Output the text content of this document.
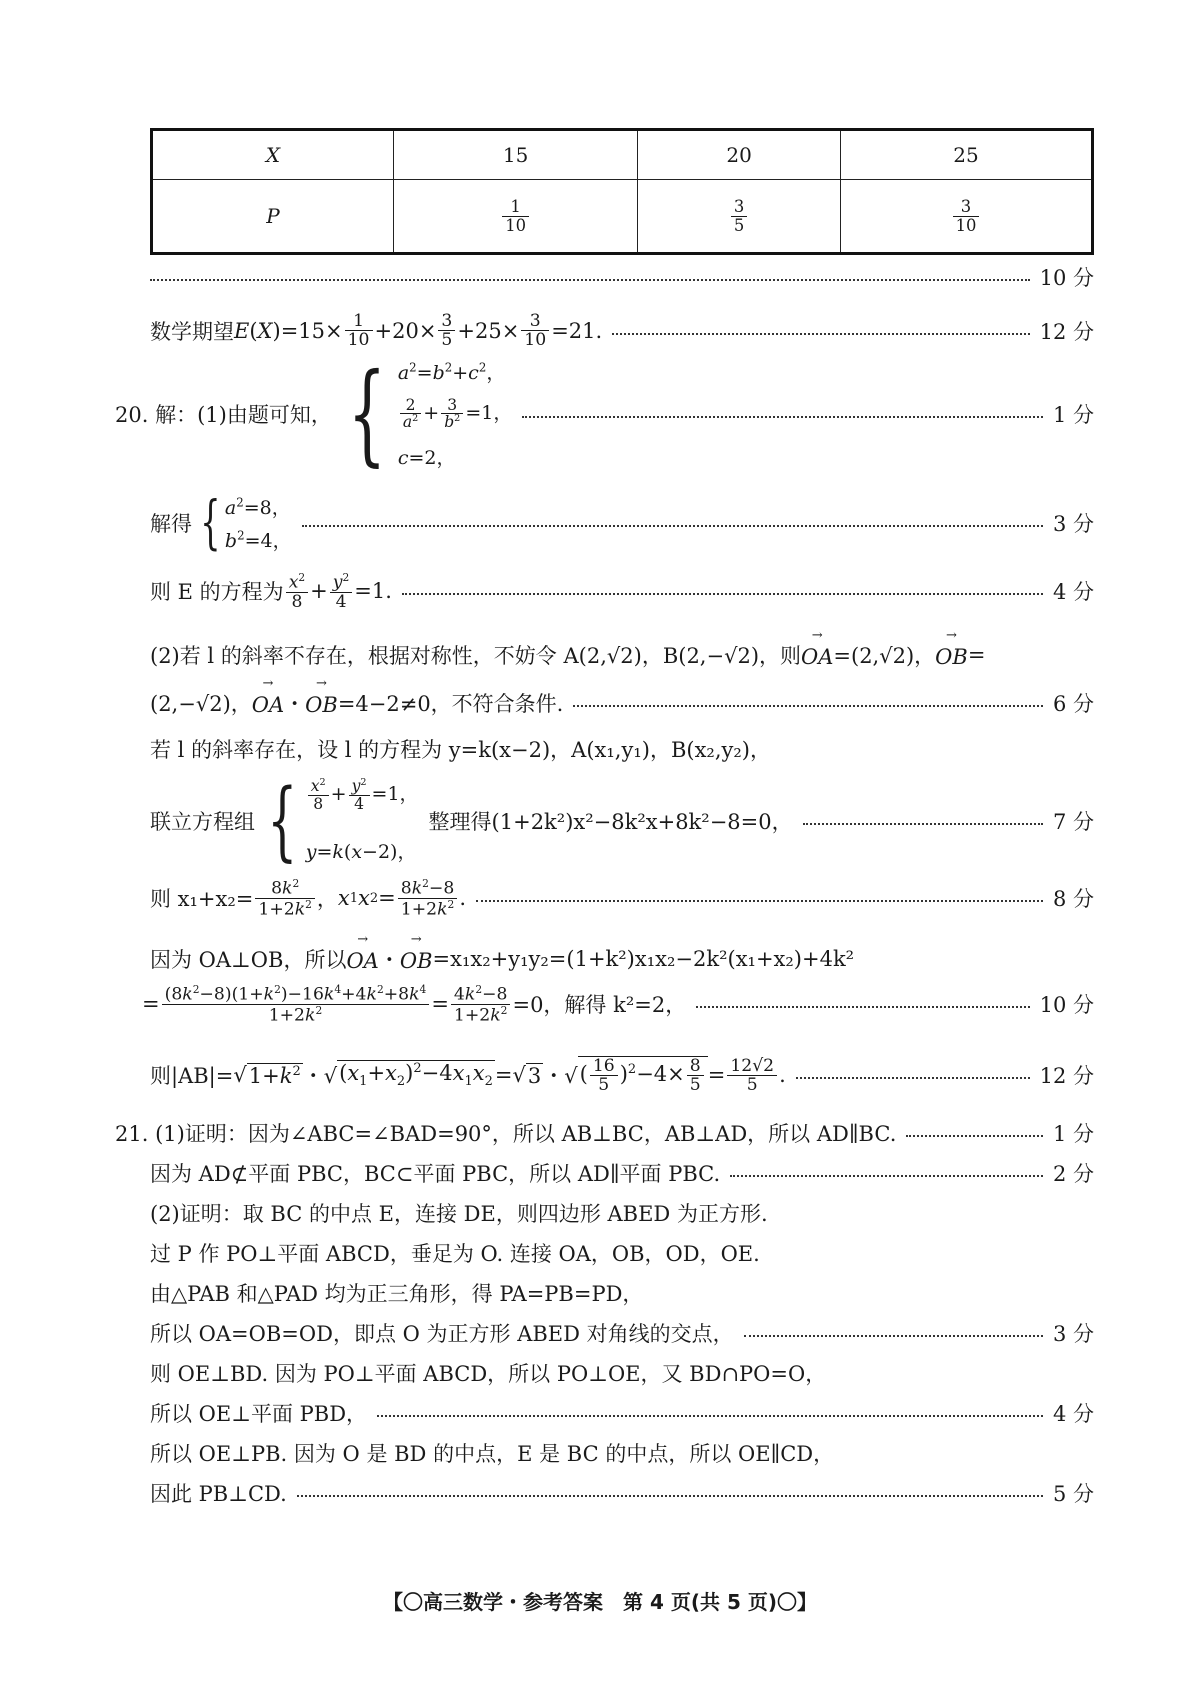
X	15	20	25
P	$\frac{1}{10}$	$\frac{3}{5}$	$\frac{3}{10}$
10 分
数学期望 E ( X )$=15\times \frac{1}{10} +20\times \frac{3}{5} +25\times \frac{3}{10} =21$.	12 分
20. 解：(1)由题可知， { $a^2=b^2+c^2$，
$\frac{2}{a^2} + \frac{3}{b^2} =1$，
c=2，
1 分
解得 { $a^2=8$，
$b^2=4$，
3 分
则 E 的方程为 $\frac{x^2}{8} + \frac{y^2}{4} =1$.	4 分
(2)若 l 的斜率不存在，根据对称性，不妨令 A(2,√2)，B(2,−√2)，则 → OA =(2,√2)， → OB =
(2,−√2)， → OA ・ → OB =4−2≠0，不符合条件.	6 分
若 l 的斜率存在，设 l 的方程为 y=k(x−2)，A(x₁,y₁)，B(x₂,y₂)，
联立方程组 { $\frac{x^2}{8} + \frac{y^2}{4} =1$，
y=k(x−2)，
整理得(1+2k²)x²−8k²x+8k²−8=0，	7 分
则 $x_1+x_2= \frac{8k^2}{1+2k^2}$ ， x 1 x $2 = \frac{8k^2-8}{1+2k^2}$ .	8 分
因为 OA⊥OB，所以 → OA ・ → OB =x₁x₂+y₁y₂=(1+k²)x₁x₂−2k²(x₁+x₂)+4k²
= $\frac{(8k^2-8)(1+k^2)-16k^4+4k^2+8k^4}{1+2k^2} = \frac{4k^2-8}{1+2k^2} =0$，解得 k²=2，	10 分
则|AB|= √ $1+k^2$ ・√ $(x_1+x_2)^2-4x_1x_2$ =√ 3 ・√ ( $\frac{16}{5} )^2-4\times \frac{8}{5} = \frac{12√2}{5}$ .	12 分
21. (1)证明：因为∠ABC=∠BAD=90°，所以 AB⊥BC，AB⊥AD，所以 AD∥BC.	1 分
因为 AD⊄平面 PBC，BC⊂平面 PBC，所以 AD∥平面 PBC.	2 分
(2)证明：取 BC 的中点 E，连接 DE，则四边形 ABED 为正方形.
过 P 作 PO⊥平面 ABCD，垂足为 O. 连接 OA，OB，OD，OE.
由△PAB 和△PAD 均为正三角形，得 PA=PB=PD，
所以 OA=OB=OD，即点 O 为正方形 ABED 对角线的交点，	3 分
则 OE⊥BD. 因为 PO⊥平面 ABCD，所以 PO⊥OE，又 BD∩PO=O，
所以 OE⊥平面 PBD，	4 分
所以 OE⊥PB. 因为 O 是 BD 的中点，E 是 BC 的中点，所以 OE∥CD，
因此 PB⊥CD.	5 分
【〇高三数学・参考答案　第 4 页(共 5 页)〇】
